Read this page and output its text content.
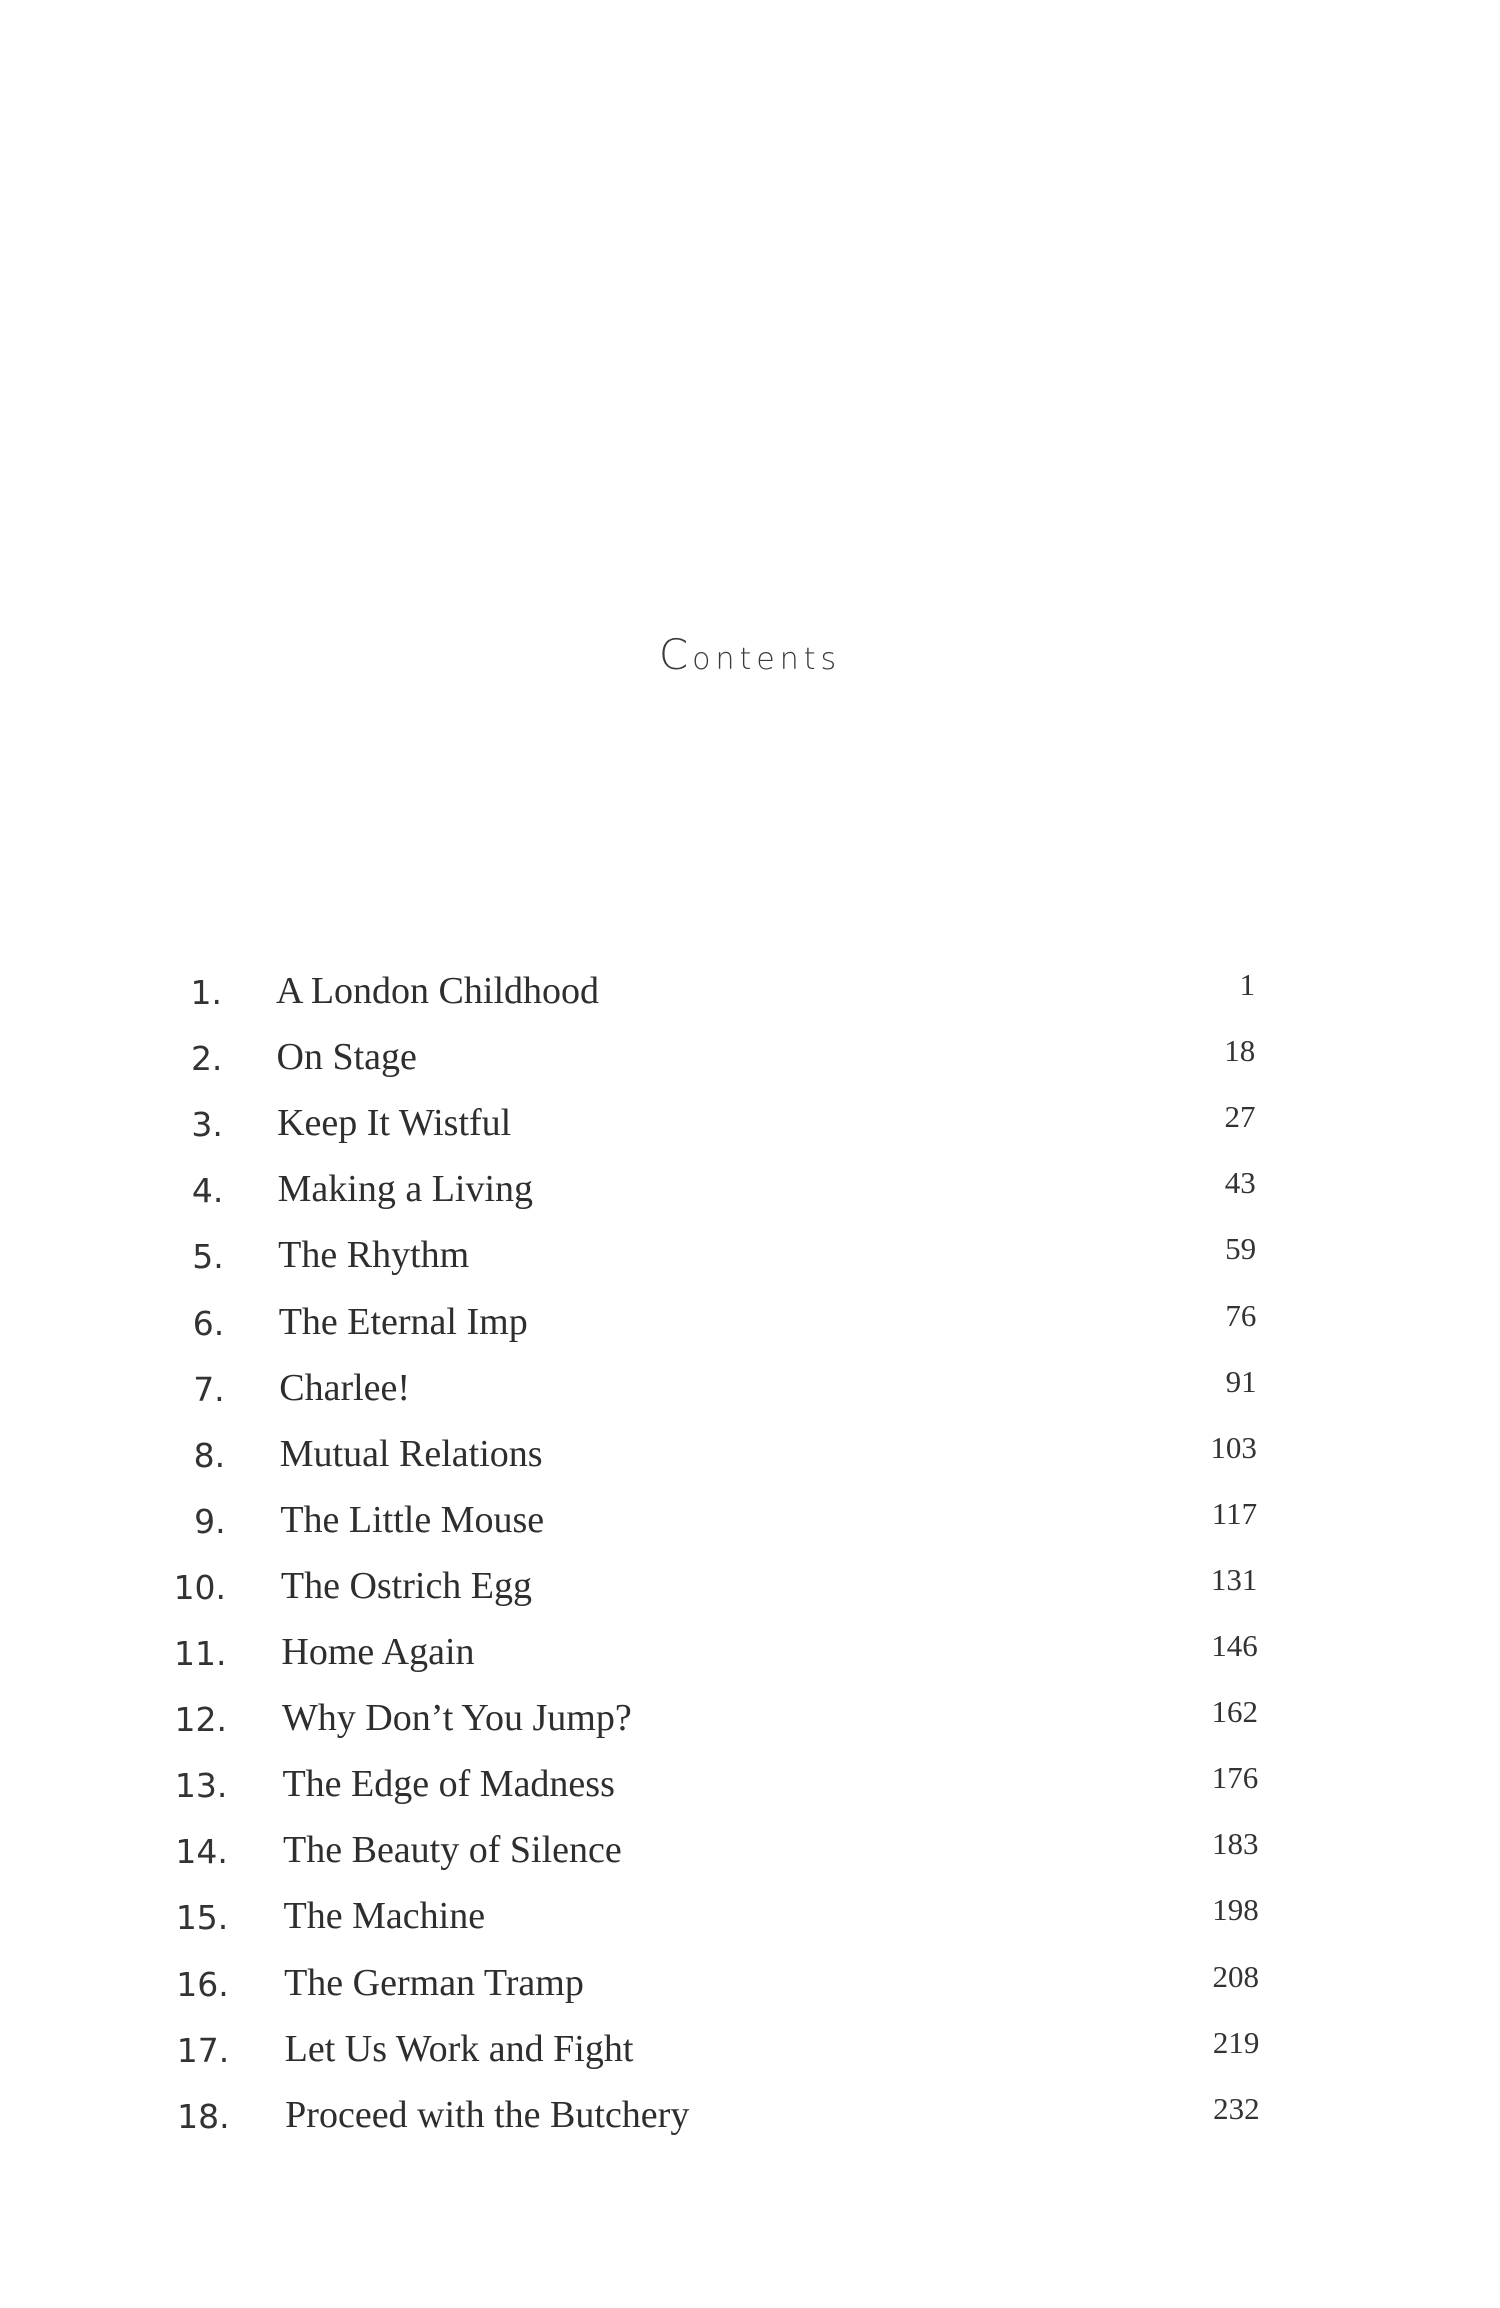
Contents
1. A London Childhood	1
2. On Stage	18
3. Keep It Wistful	27
4. Making a Living	43
5. The Rhythm	59
6. The Eternal Imp	76
7. Charlee!	91
8. Mutual Relations	103
9. The Little Mouse	117
10. The Ostrich Egg	131
11. Home Again	146
12. Why Don’t You Jump?	162
13. The Edge of Madness	176
14. The Beauty of Silence	183
15. The Machine	198
16. The German Tramp	208
17. Let Us Work and Fight	219
18. Proceed with the Butchery	232
